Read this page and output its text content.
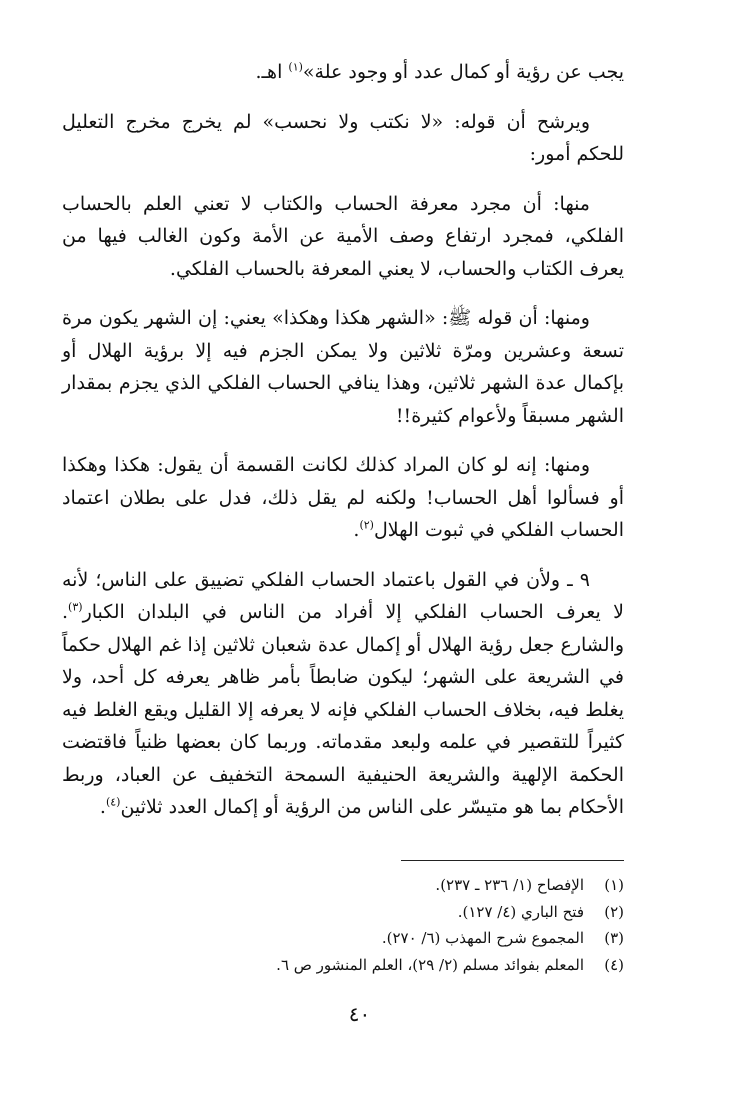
يجب عن رؤية أو كمال عدد أو وجود علة»$^{(١)}$ اهـ.

ويرشح أن قوله: «لا نكتب ولا نحسب» لم يخرج مخرج التعليل للحكم أمور:

منها: أن مجرد معرفة الحساب والكتاب لا تعني العلم بالحساب الفلكي، فمجرد ارتفاع وصف الأمية عن الأمة وكون الغالب فيها من يعرف الكتاب والحساب، لا يعني المعرفة بالحساب الفلكي.

ومنها: أن قوله ﷺ: «الشهر هكذا وهكذا» يعني: إن الشهر يكون مرة تسعة وعشرين ومرّة ثلاثين ولا يمكن الجزم فيه إلا برؤية الهلال أو بإكمال عدة الشهر ثلاثين، وهذا ينافي الحساب الفلكي الذي يجزم بمقدار الشهر مسبقاً ولأعوام كثيرة!!

ومنها: إنه لو كان المراد كذلك لكانت القسمة أن يقول: هكذا وهكذا أو فسألوا أهل الحساب! ولكنه لم يقل ذلك، فدل على بطلان اعتماد الحساب الفلكي في ثبوت الهلال$^{(٢)}$.

٩ ـ ولأن في القول باعتماد الحساب الفلكي تضييق على الناس؛ لأنه لا يعرف الحساب الفلكي إلا أفراد من الناس في البلدان الكبار$^{(٣)}$. والشارع جعل رؤية الهلال أو إكمال عدة شعبان ثلاثين إذا غم الهلال حكماً في الشريعة على الشهر؛ ليكون ضابطاً بأمر ظاهر يعرفه كل أحد، ولا يغلط فيه، بخلاف الحساب الفلكي فإنه لا يعرفه إلا القليل ويقع الغلط فيه كثيراً للتقصير في علمه ولبعد مقدماته. وربما كان بعضها ظنياً فاقتضت الحكمة الإلهية والشريعة الحنيفية السمحة التخفيف عن العباد، وربط الأحكام بما هو متيسّر على الناس من الرؤية أو إكمال العدد ثلاثين$^{(٤)}$.

(١)
الإفصاح (١/ ٢٣٦ ـ ٢٣٧).
(٢)
فتح الباري (٤/ ١٢٧).
(٣)
المجموع شرح المهذب (٦/ ٢٧٠).
(٤)
المعلم بفوائد مسلم (٢/ ٢٩)، العلم المنشور ص ٦.
٤٠
